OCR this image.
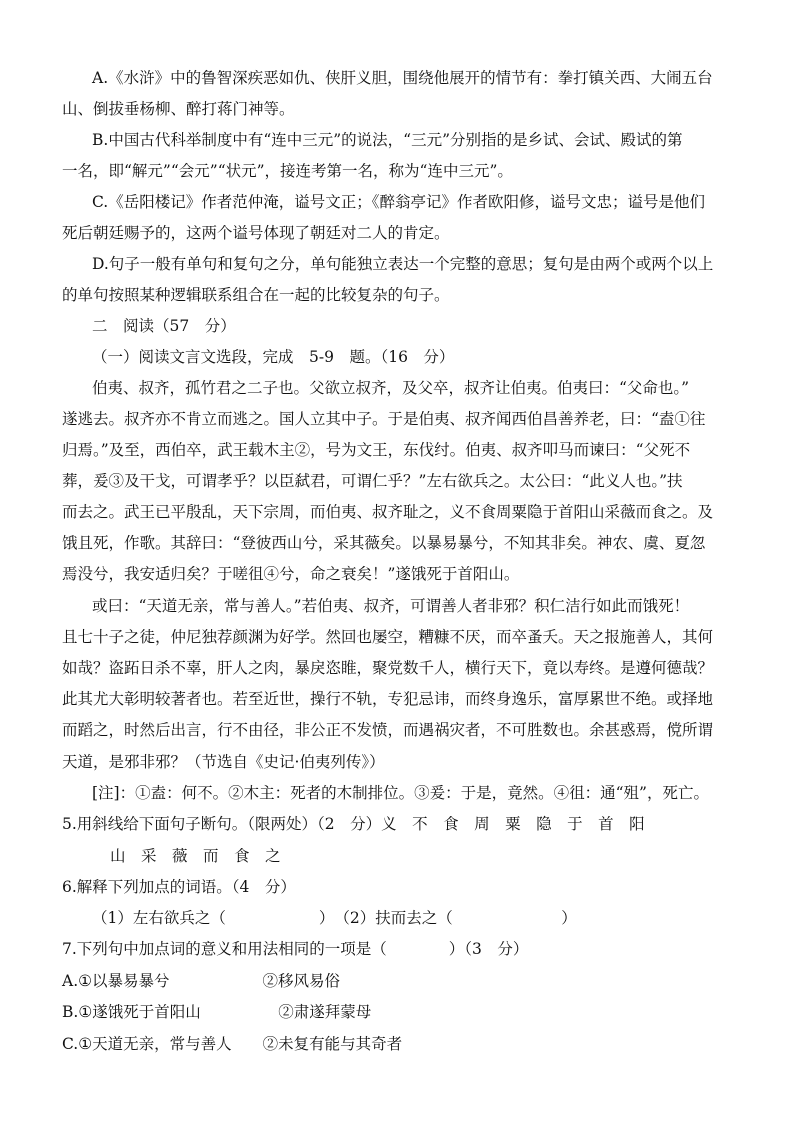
A.《水浒》中的鲁智深疾恶如仇、侠肝义胆，围绕他展开的情节有：拳打镇关西、大闹五台
山、倒拔垂杨柳、醉打蒋门神等。
B.中国古代科举制度中有“连中三元”的说法，“三元”分别指的是乡试、会试、殿试的第
一名，即“解元”“会元”“状元”，接连考第一名，称为“连中三元”。
C.《岳阳楼记》作者范仲淹，谥号文正；《醉翁亭记》作者欧阳修，谥号文忠；谥号是他们
死后朝廷赐予的，这两个谥号体现了朝廷对二人的肯定。
D.句子一般有单句和复句之分，单句能独立表达一个完整的意思；复句是由两个或两个以上
的单句按照某种逻辑联系组合在一起的比较复杂的句子。
二　阅读（57　分）
（一）阅读文言文选段，完成　5-9　题。（16　分）
伯夷、叔齐，孤竹君之二子也。父欲立叔齐，及父卒，叔齐让伯夷。伯夷曰：“父命也。”
遂逃去。叔齐亦不肯立而逃之。国人立其中子。于是伯夷、叔齐闻西伯昌善养老，曰：“盍①往
归焉。”及至，西伯卒，武王载木主②，号为文王，东伐纣。伯夷、叔齐叩马而谏曰：“父死不
葬，爰③及干戈，可谓孝乎？以臣弑君，可谓仁乎？”左右欲兵之。太公曰：“此义人也。”扶
而去之。武王已平殷乱，天下宗周，而伯夷、叔齐耻之，义不食周粟隐于首阳山采薇而食之。及
饿且死，作歌。其辞曰：“登彼西山兮，采其薇矣。以暴易暴兮，不知其非矣。神农、虞、夏忽
焉没兮，我安适归矣？于嗟徂④兮，命之衰矣！”遂饿死于首阳山。
或曰：“天道无亲，常与善人。”若伯夷、叔齐，可谓善人者非邪？积仁洁行如此而饿死！
且七十子之徒，仲尼独荐颜渊为好学。然回也屡空，糟糠不厌，而卒蚤夭。天之报施善人，其何
如哉？盗跖日杀不辜，肝人之肉，暴戾恣睢，聚党数千人，横行天下，竟以寿终。是遵何德哉？
此其尤大彰明较著者也。若至近世，操行不轨，专犯忌讳，而终身逸乐，富厚累世不绝。或择地
而蹈之，时然后出言，行不由径，非公正不发愤，而遇祸灾者，不可胜数也。余甚惑焉，傥所谓
天道，是邪非邪？（节选自《史记·伯夷列传》）
[注]：①盍：何不。②木主：死者的木制排位。③爰：于是，竟然。④徂：通“殂”，死亡。
5.用斜线给下面句子断句。（限两处）（2　分）义　不　食　周　粟　隐　于　首　阳
山　采　薇　而　食　之
6.解释下列加点的词语。（4　分）
（1）左右欲兵之（　　　　　　）　（2）扶而去之（　　　　　　　）
7.下列句中加点词的意义和用法相同的一项是（　　　　）（3　分）
A.①以暴易暴兮　　　　　　②移风易俗
B.①遂饿死于首阳山　　　　　②肃遂拜蒙母
C.①天道无亲，常与善人　　②未复有能与其奇者
